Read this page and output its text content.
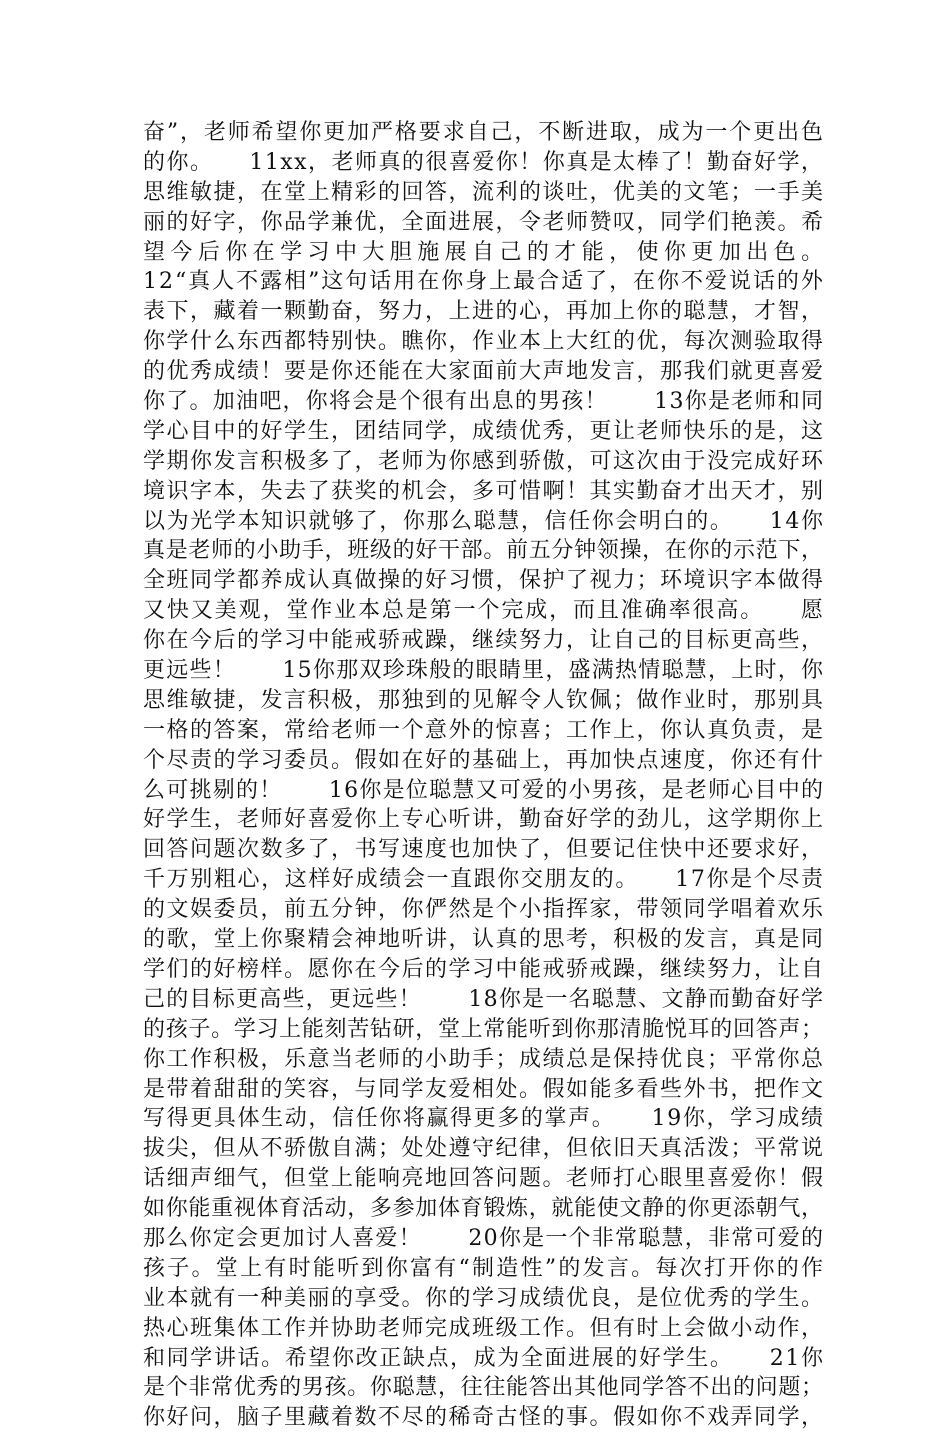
奋”，老师希望你更加严格要求自己，不断进取，成为一个更出色
的你。　　11xx，老师真的很喜爱你！你真是太棒了！勤奋好学，
思维敏捷，在堂上精彩的回答，流利的谈吐，优美的文笔；一手美
丽的好字，你品学兼优，全面进展，令老师赞叹，同学们艳羡。希
望今后你在学习中大胆施展自己的才能，使你更加出色。
12“真人不露相”这句话用在你身上最合适了，在你不爱说话的外
表下，藏着一颗勤奋，努力，上进的心，再加上你的聪慧，才智，
你学什么东西都特别快。瞧你，作业本上大红的优，每次测验取得
的优秀成绩！要是你还能在大家面前大声地发言，那我们就更喜爱
你了。加油吧，你将会是个很有出息的男孩！　　13你是老师和同
学心目中的好学生，团结同学，成绩优秀，更让老师快乐的是，这
学期你发言积极多了，老师为你感到骄傲，可这次由于没完成好环
境识字本，失去了获奖的机会，多可惜啊！其实勤奋才出天才，别
以为光学本知识就够了，你那么聪慧，信任你会明白的。　　14你
真是老师的小助手，班级的好干部。前五分钟领操，在你的示范下，
全班同学都养成认真做操的好习惯，保护了视力；环境识字本做得
又快又美观，堂作业本总是第一个完成，而且准确率很高。　　愿
你在今后的学习中能戒骄戒躁，继续努力，让自己的目标更高些，
更远些！　　15你那双珍珠般的眼睛里，盛满热情聪慧，上时，你
思维敏捷，发言积极，那独到的见解令人钦佩；做作业时，那别具
一格的答案，常给老师一个意外的惊喜；工作上，你认真负责，是
个尽责的学习委员。假如在好的基础上，再加快点速度，你还有什
么可挑剔的！　　16你是位聪慧又可爱的小男孩，是老师心目中的
好学生，老师好喜爱你上专心听讲，勤奋好学的劲儿，这学期你上
回答问题次数多了，书写速度也加快了，但要记住快中还要求好，
千万别粗心，这样好成绩会一直跟你交朋友的。　　17你是个尽责
的文娱委员，前五分钟，你俨然是个小指挥家，带领同学唱着欢乐
的歌，堂上你聚精会神地听讲，认真的思考，积极的发言，真是同
学们的好榜样。愿你在今后的学习中能戒骄戒躁，继续努力，让自
己的目标更高些，更远些！　　18你是一名聪慧、文静而勤奋好学
的孩子。学习上能刻苦钻研，堂上常能听到你那清脆悦耳的回答声；
你工作积极，乐意当老师的小助手；成绩总是保持优良；平常你总
是带着甜甜的笑容，与同学友爱相处。假如能多看些外书，把作文
写得更具体生动，信任你将赢得更多的掌声。　　19你，学习成绩
拔尖，但从不骄傲自满；处处遵守纪律，但依旧天真活泼；平常说
话细声细气，但堂上能响亮地回答问题。老师打心眼里喜爱你！假
如你能重视体育活动，多参加体育锻炼，就能使文静的你更添朝气，
那么你定会更加讨人喜爱！　　20你是一个非常聪慧，非常可爱的
孩子。堂上有时能听到你富有“制造性”的发言。每次打开你的作
业本就有一种美丽的享受。你的学习成绩优良，是位优秀的学生。
热心班集体工作并协助老师完成班级工作。但有时上会做小动作，
和同学讲话。希望你改正缺点，成为全面进展的好学生。　　21你
是个非常优秀的男孩。你聪慧，往往能答出其他同学答不出的问题；
你好问，脑子里藏着数不尽的稀奇古怪的事。假如你不戏弄同学，
